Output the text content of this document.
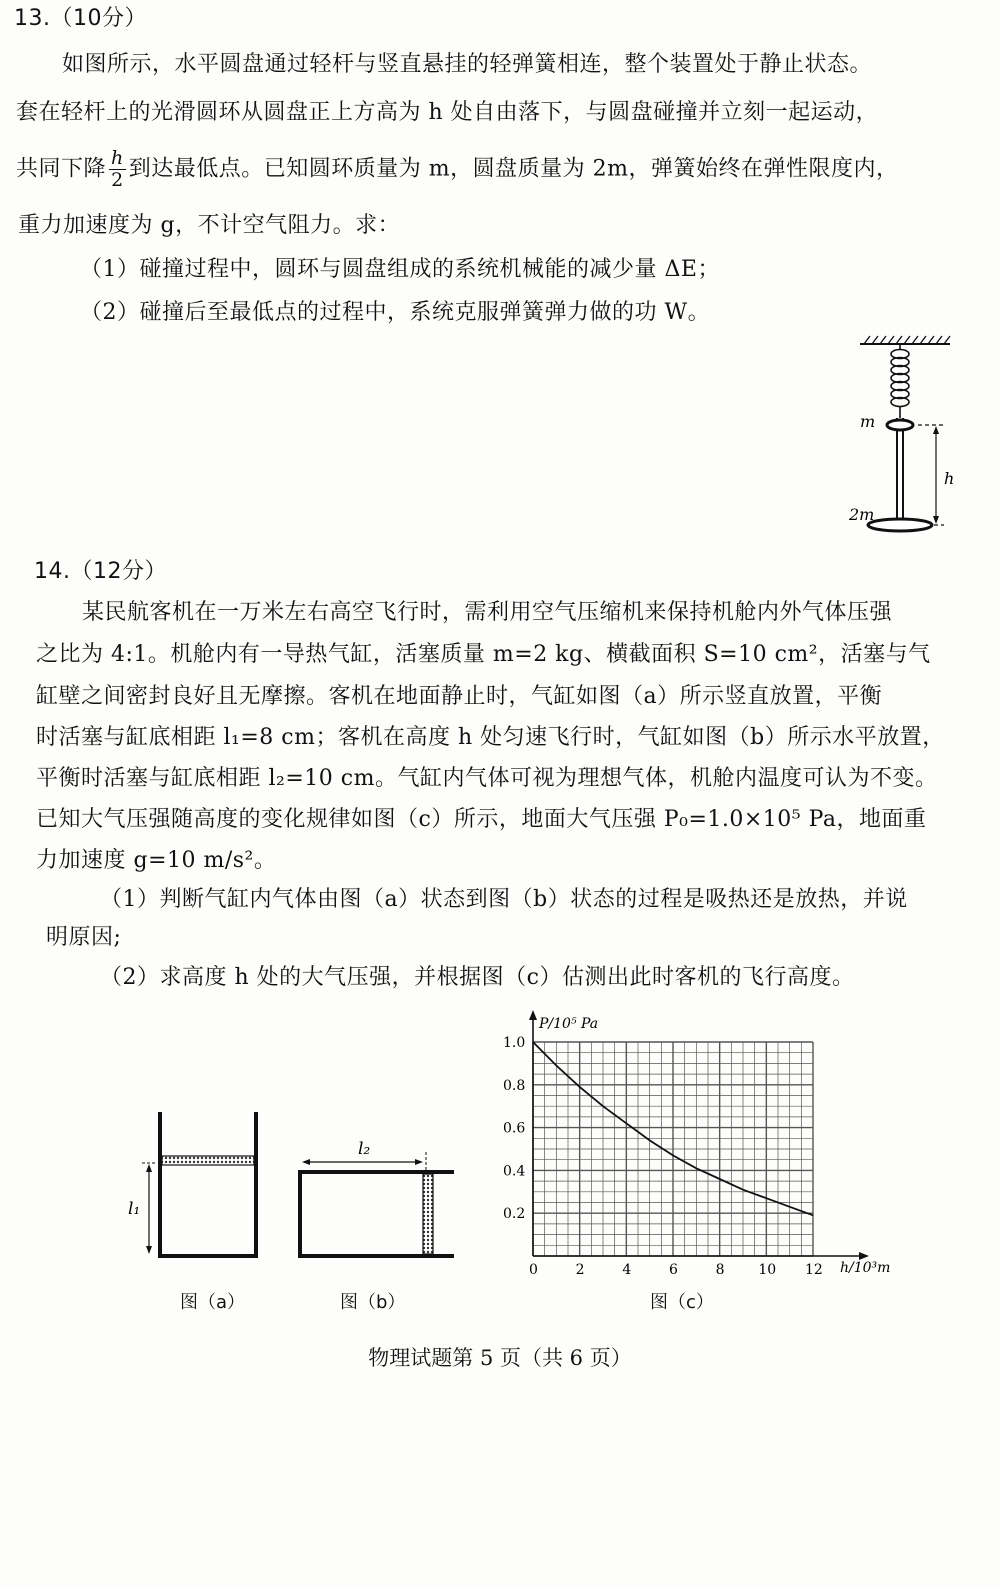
13.（10分）
如图所示，水平圆盘通过轻杆与竖直悬挂的轻弹簧相连，整个装置处于静止状态。
套在轻杆上的光滑圆环从圆盘正上方高为 h 处自由落下，与圆盘碰撞并立刻一起运动，
共同下降 $\frac{h}{2}$ 到达最低点。已知圆环质量为 m，圆盘质量为 2m，弹簧始终在弹性限度内，
重力加速度为 g，不计空气阻力。求：
（1）碰撞过程中，圆环与圆盘组成的系统机械能的减少量 ΔE；
（2）碰撞后至最低点的过程中，系统克服弹簧弹力做的功 W。
m
2m
h
14.（12分）
某民航客机在一万米左右高空飞行时，需利用空气压缩机来保持机舱内外气体压强
之比为 4:1。机舱内有一导热气缸，活塞质量 m=2 kg、横截面积 S=10 cm²，活塞与气
缸壁之间密封良好且无摩擦。客机在地面静止时，气缸如图（a）所示竖直放置，平衡
时活塞与缸底相距 l₁=8 cm；客机在高度 h 处匀速飞行时，气缸如图（b）所示水平放置，
平衡时活塞与缸底相距 l₂=10 cm。气缸内气体可视为理想气体，机舱内温度可认为不变。
已知大气压强随高度的变化规律如图（c）所示，地面大气压强 P₀=1.0×10⁵ Pa，地面重
力加速度 g=10 m/s²。
（1）判断气缸内气体由图（a）状态到图（b）状态的过程是吸热还是放热，并说
明原因;
（2）求高度 h 处的大气压强，并根据图（c）估测出此时客机的飞行高度。
l₁
图（a）
l₂
图（b）
0	2	4	6	8 10 12
0.2
0.4
0.6
0.8
1.0
P/10⁵ Pa
h/10³m
图（c）
物理试题第 5 页（共 6 页）
